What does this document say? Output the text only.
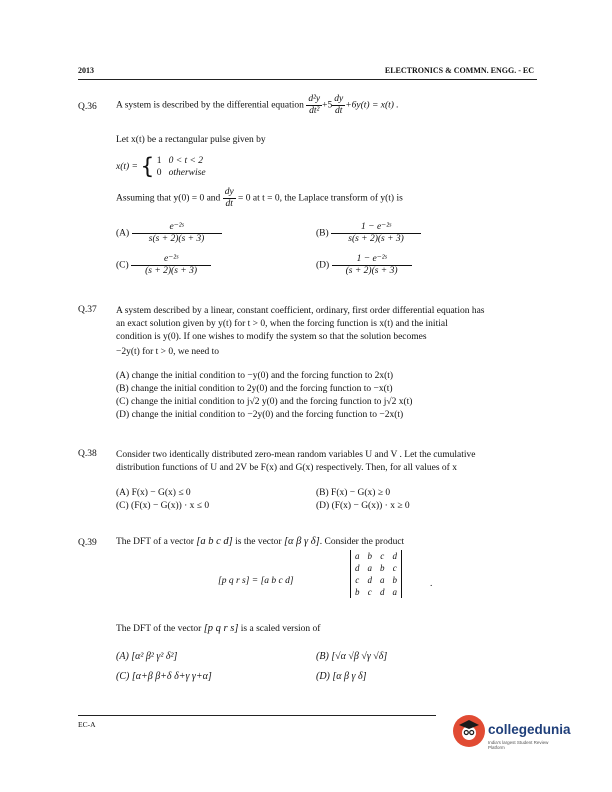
2013	ELECTRONICS & COMMN. ENGG. - EC
Q.36 A system is described by the differential equation $\frac{\text{d²y}}{\text{dt²}} +5 \frac{dy}{dt} +6y(t) = x(t)$ .
Let x(t) be a rectangular pulse given by
x(t) = { 1 0 < t < 2
0 otherwise
Assuming that y(0) = 0 and $\frac{dy}{dt} = 0$ at t = 0, the Laplace transform of y(t) is
$(A) \frac{\text{e⁻²ˢ}}{s(s + 2)(s + 3)}$	$(B) \frac{\text{1 − e⁻²ˢ}}{s(s + 2)(s + 3)}$
$(C) \frac{\text{e⁻²ˢ}}{(s + 2)(s + 3)}$	$(D) \frac{\text{1 − e⁻²ˢ}}{(s + 2)(s + 3)}$
Q.37 A system described by a linear, constant coefficient, ordinary, first order differential equation has
an exact solution given by y(t) for t > 0, when the forcing function is x(t) and the initial
condition is y(0). If one wishes to modify the system so that the solution becomes
−2y(t) for t > 0, we need to
(A) change the initial condition to −y(0) and the forcing function to 2x(t)
(B) change the initial condition to 2y(0) and the forcing function to −x(t)
(C) change the initial condition to j√2 y(0) and the forcing function to j√2 x(t)
(D) change the initial condition to −2y(0) and the forcing function to −2x(t)
Q.38 Consider two identically distributed zero-mean random variables U and V . Let the cumulative
distribution functions of U and 2V be F(x) and G(x) respectively. Then, for all values of x
(A) F(x) − G(x) ≤ 0	(B) F(x) − G(x) ≥ 0
(C) (F(x) − G(x)) · x ≤ 0	(D) (F(x) − G(x)) · x ≥ 0
Q.39 The DFT of a vector [a b c d] is the vector [α β γ δ]. Consider the product
[p q r s] = [a b c d]
a	b	c	d
d	a	b	c
c	d	a	b
b	c	d	a
.
The DFT of the vector [p q r s] is a scaled version of
(A) [α² β² γ² δ²]	(B) [√α √β √γ √δ]
(C) [α+β β+δ δ+γ γ+α]	(D) [α β γ δ]
EC-A	collegedunia
India's largest Student Review Platform
